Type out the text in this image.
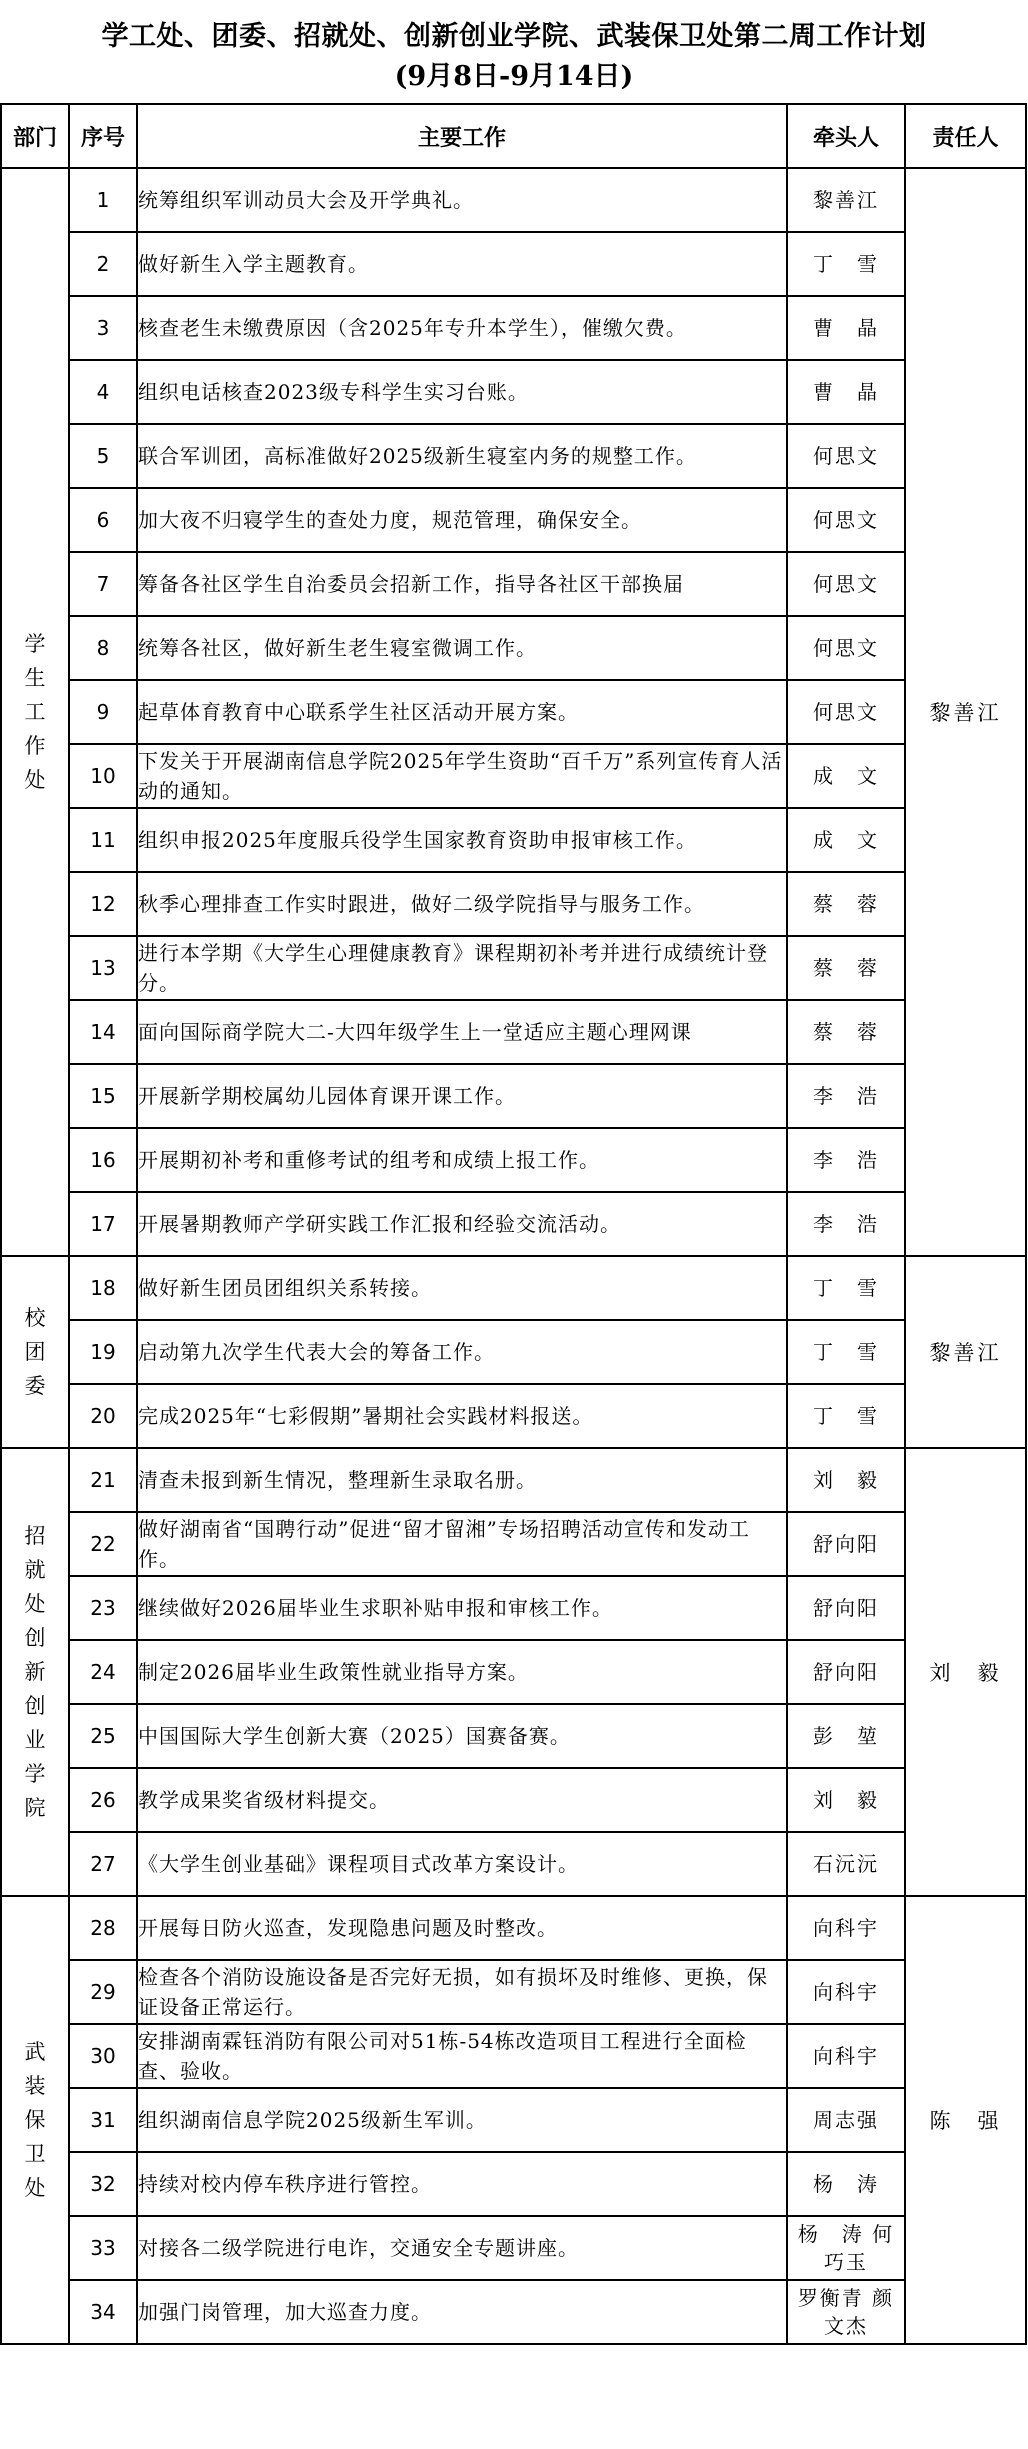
学工处、团委、招就处、创新创业学院、武装保卫处第二周工作计划
(9月8日-9月14日)
部门	序号	主要工作	牵头人	责任人
学生工作处	1	统筹组织军训动员大会及开学典礼。	黎善江	黎善江
	2	做好新生入学主题教育。	丁　雪	
	3	核查老生未缴费原因（含2025年专升本学生），催缴欠费。	曹　晶	
	4	组织电话核查2023级专科学生实习台账。	曹　晶	
	5	联合军训团，高标准做好2025级新生寝室内务的规整工作。	何思文	
	6	加大夜不归寝学生的查处力度，规范管理，确保安全。	何思文	
	7	筹备各社区学生自治委员会招新工作，指导各社区干部换届	何思文	
	8	统筹各社区，做好新生老生寝室微调工作。	何思文	
	9	起草体育教育中心联系学生社区活动开展方案。	何思文	
	10	下发关于开展湖南信息学院2025年学生资助“百千万”系列宣传育人活动的通知。	成　文	
	11	组织申报2025年度服兵役学生国家教育资助申报审核工作。	成　文	
	12	秋季心理排查工作实时跟进，做好二级学院指导与服务工作。	蔡　蓉	
	13	进行本学期《大学生心理健康教育》课程期初补考并进行成绩统计登分。	蔡　蓉	
	14	面向国际商学院大二-大四年级学生上一堂适应主题心理网课	蔡　蓉	
	15	开展新学期校属幼儿园体育课开课工作。	李　浩	
	16	开展期初补考和重修考试的组考和成绩上报工作。	李　浩	
	17	开展暑期教师产学研实践工作汇报和经验交流活动。	李　浩	
校团委	18	做好新生团员团组织关系转接。	丁　雪	黎善江
	19	启动第九次学生代表大会的筹备工作。	丁　雪	
	20	完成2025年“七彩假期”暑期社会实践材料报送。	丁　雪	
招就处 创新创业学院	21	清查未报到新生情况，整理新生录取名册。	刘　毅	刘　毅
	22	做好湖南省“国聘行动”促进“留才留湘”专场招聘活动宣传和发动工作。	舒向阳	
	23	继续做好2026届毕业生求职补贴申报和审核工作。	舒向阳	
	24	制定2026届毕业生政策性就业指导方案。	舒向阳	
	25	中国国际大学生创新大赛（2025）国赛备赛。	彭　堃	
	26	教学成果奖省级材料提交。	刘　毅	
	27	《大学生创业基础》课程项目式改革方案设计。	石沅沅	
武装保卫处	28	开展每日防火巡查，发现隐患问题及时整改。	向科宇	陈　强
	29	检查各个消防设施设备是否完好无损，如有损坏及时维修、更换，保证设备正常运行。	向科宇	
	30	安排湖南霖钰消防有限公司对51栋-54栋改造项目工程进行全面检查、验收。	向科宇	
	31	组织湖南信息学院2025级新生军训。	周志强	
	32	持续对校内停车秩序进行管控。	杨　涛	
	33	对接各二级学院进行电诈，交通安全专题讲座。	杨　涛 何巧玉	
	34	加强门岗管理，加大巡查力度。	罗衡青 颜文杰	
